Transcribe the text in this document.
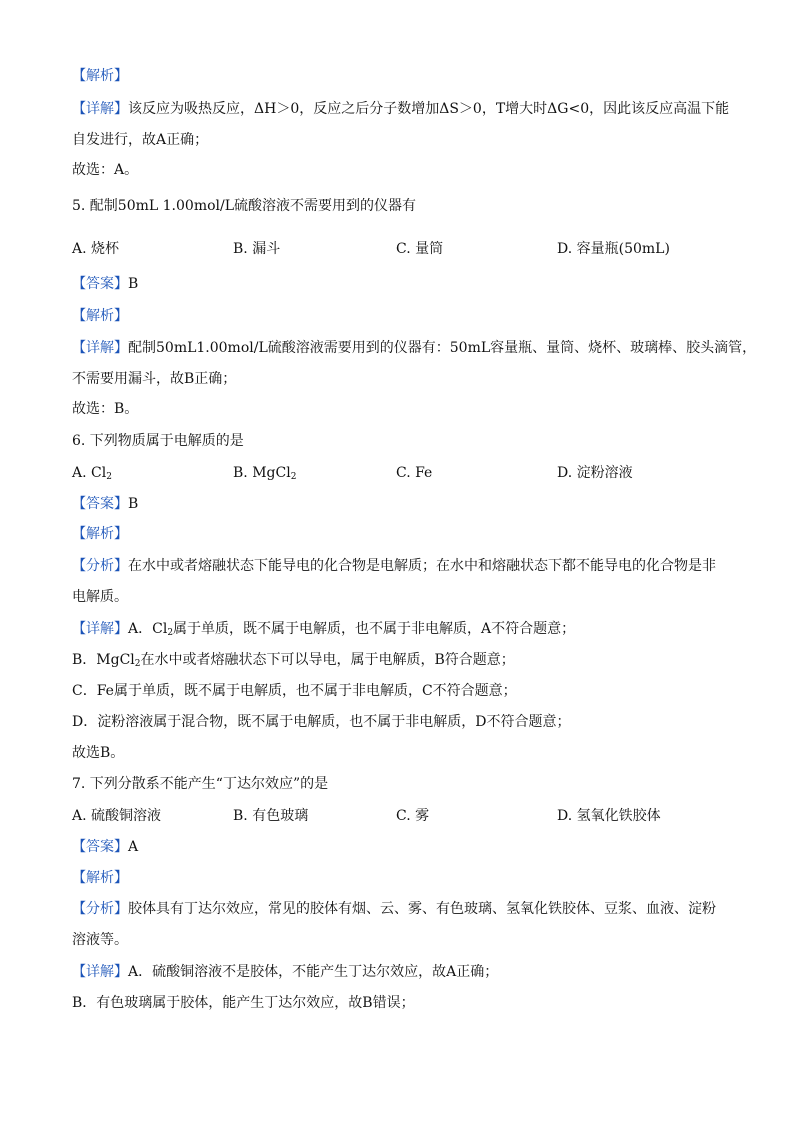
【解析】
【详解】该反应为吸热反应，ΔH＞0，反应之后分子数增加ΔS＞0，T增大时ΔG<0，因此该反应高温下能
自发进行，故A正确；
故选：A。
5. 配制50mL 1.00mol/L硫酸溶液不需要用到的仪器有
A. 烧杯	B. 漏斗	C. 量筒	D. 容量瓶(50mL)
【答案】B
【解析】
【详解】配制50mL1.00mol/L硫酸溶液需要用到的仪器有：50mL容量瓶、量筒、烧杯、玻璃棒、胶头滴管，
不需要用漏斗，故B正确；
故选：B。
6. 下列物质属于电解质的是
A. $Cl_2$	B. MgCl$_2$	C. Fe	D. 淀粉溶液
【答案】B
【解析】
【分析】在水中或者熔融状态下能导电的化合物是电解质；在水中和熔融状态下都不能导电的化合物是非
电解质。
【详解】A．$Cl_2$属于单质，既不属于电解质，也不属于非电解质，A不符合题意；
B．MgCl$_2$在水中或者熔融状态下可以导电，属于电解质，B符合题意；
C．Fe属于单质，既不属于电解质，也不属于非电解质，C不符合题意；
D．淀粉溶液属于混合物，既不属于电解质，也不属于非电解质，D不符合题意；
故选B。
7. 下列分散系不能产生“丁达尔效应”的是
A. 硫酸铜溶液	B. 有色玻璃	C. 雾	D. 氢氧化铁胶体
【答案】A
【解析】
【分析】胶体具有丁达尔效应，常见的胶体有烟、云、雾、有色玻璃、氢氧化铁胶体、豆浆、血液、淀粉
溶液等。
【详解】A．硫酸铜溶液不是胶体，不能产生丁达尔效应，故A正确；
B．有色玻璃属于胶体，能产生丁达尔效应，故B错误；
